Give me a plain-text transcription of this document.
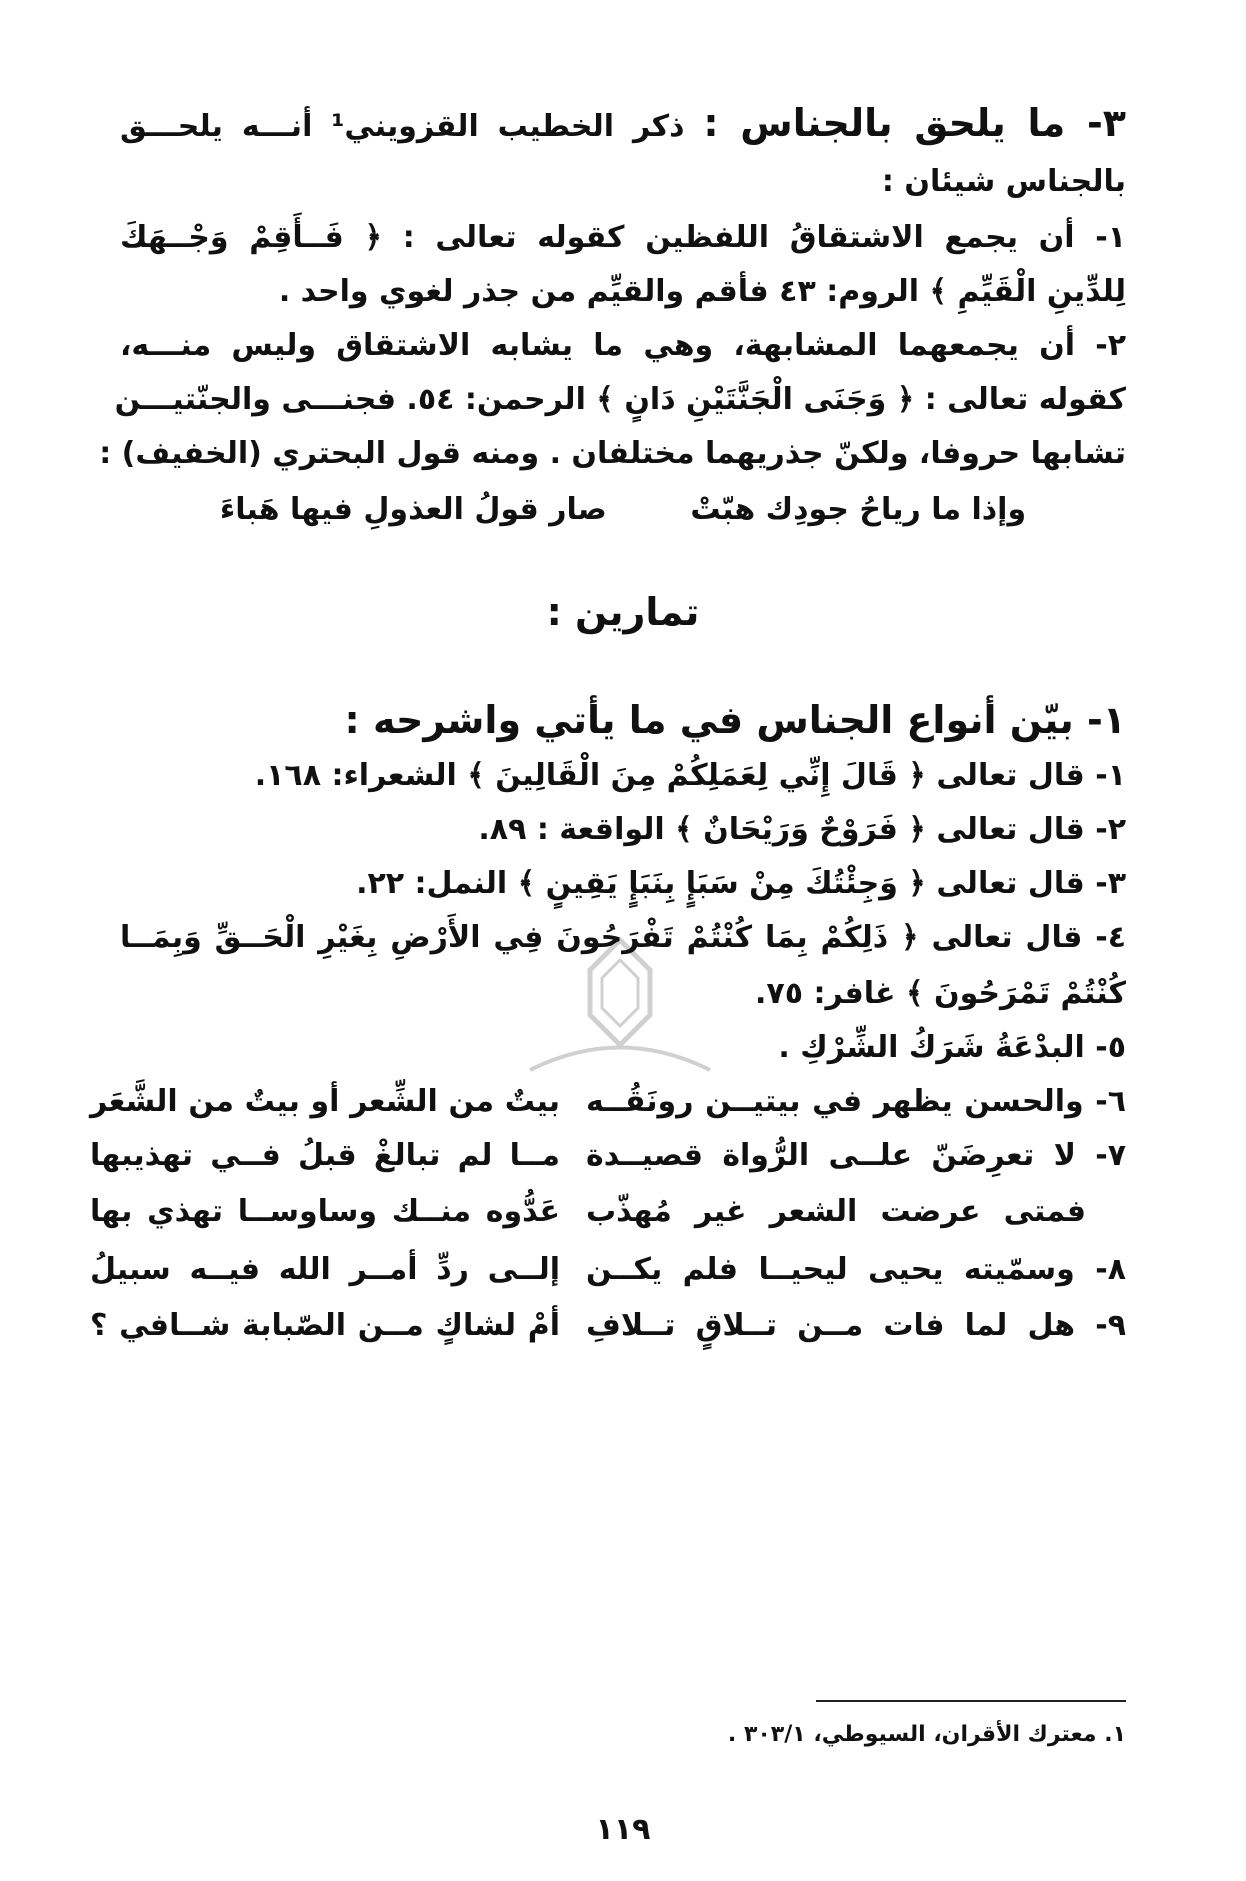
٣- ما يلحق بالجناس : ذكر الخطيب القزويني¹ أنـــه يلحـــق
بالجناس شيئان :
١- أن يجمع الاشتقاقُ اللفظين كقوله تعالى : ﴿ فَــأَقِمْ وَجْــهَكَ
لِلدِّينِ الْقَيِّمِ ﴾ الروم: ٤٣ فأقم والقيِّم من جذر لغوي واحد .
٢- أن يجمعهما المشابهة، وهي ما يشابه الاشتقاق وليس منـــه،
كقوله تعالى : ﴿ وَجَنَى الْجَنَّتَيْنِ دَانٍ ﴾ الرحمن: ٥٤. فجنـــى والجنّتيـــن
تشابها حروفا، ولكنّ جذريهما مختلفان . ومنه قول البحتري (الخفيف) :
وإذا ما رياحُ جودِك هبّتْ        صار قولُ العذولِ فيها هَباءَ
تمارين :
١- بيّن أنواع الجناس في ما يأتي واشرحه :
١- قال تعالى ﴿ قَالَ إِنِّي لِعَمَلِكُمْ مِنَ الْقَالِينَ ﴾ الشعراء: ١٦٨.
٢- قال تعالى ﴿ فَرَوْحٌ وَرَيْحَانٌ ﴾ الواقعة : ٨٩.
٣- قال تعالى ﴿ وَجِئْتُكَ مِنْ سَبَإٍ بِنَبَإٍ يَقِينٍ ﴾ النمل: ٢٢.
٤- قال تعالى ﴿ ذَلِكُمْ بِمَا كُنْتُمْ تَفْرَحُونَ فِي الأَرْضِ بِغَيْرِ الْحَــقِّ وَبِمَــا
كُنْتُمْ تَمْرَحُونَ ﴾ غافر: ٧٥.
٥- البدْعَةُ شَرَكُ الشِّرْكِ .
٦- والحسن يظهر في بيتيــن رونَقُــه
بيتٌ من الشِّعر أو بيتٌ من الشَّعَر
٧- لا تعرِضَنّ علــى الرُّواة قصيــدة
مــا لم تبالغْ قبلُ فــي تهذيبها
فمتى عرضت الشعر غير مُهذّب
عَدُّوه منــك وساوســا تهذي بها
٨- وسمّيته يحيى ليحيــا فلم يكــن
إلــى ردِّ أمــر الله فيــه سبيلُ
٩- هل لما فات مــن تــلاقٍ تــلافِ
أمْ لشاكٍ مــن الصّبابة شــافي ؟
١. معترك الأقران، السيوطي، ٣٠٣/١ .
١١٩
